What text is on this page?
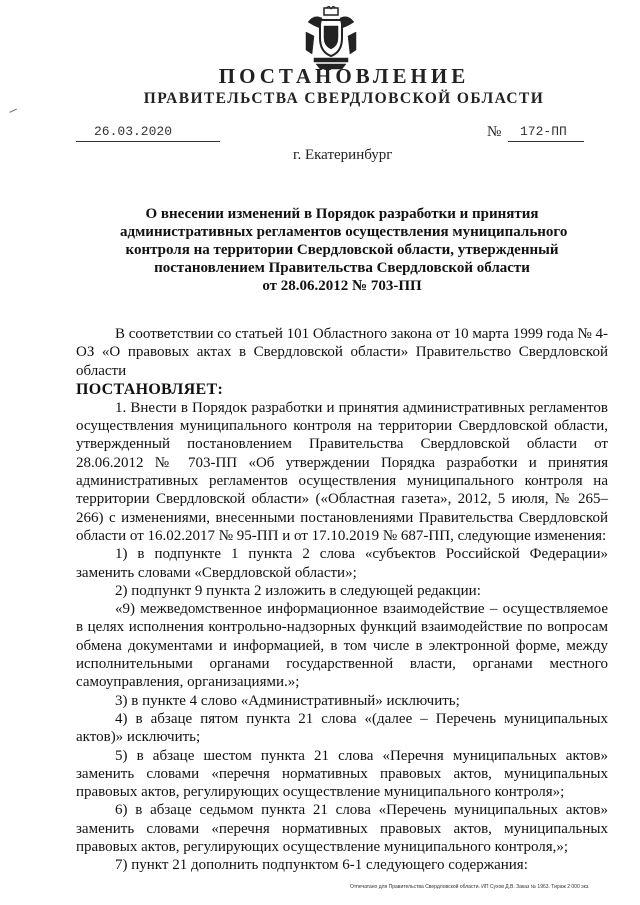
ПОСТАНОВЛЕНИЕ
ПРАВИТЕЛЬСТВА СВЕРДЛОВСКОЙ ОБЛАСТИ
26.03.2020	№ 172-ПП
г. Екатеринбург
О внесении изменений в Порядок разработки и принятия
административных регламентов осуществления муниципального
контроля на территории Свердловской области, утвержденный
постановлением Правительства Свердловской области
от 28.06.2012 № 703-ПП

В соответствии со статьей 101 Областного закона от 10 марта 1999 года № 4-ОЗ «О правовых актах в Свердловской области» Правительство Свердловской области

ПОСТАНОВЛЯЕТ:

1. Внести в Порядок разработки и принятия административных регламентов осуществления муниципального контроля на территории Свердловской области, утвержденный постановлением Правительства Свердловской области от 28.06.2012 № 703-ПП «Об утверждении Порядка разработки и принятия административных регламентов осуществления муниципального контроля на территории Свердловской области» («Областная газета», 2012, 5 июля, № 265–266) с изменениями, внесенными постановлениями Правительства Свердловской области от 16.02.2017 № 95-ПП и от 17.10.2019 № 687-ПП, следующие изменения:

1) в подпункте 1 пункта 2 слова «субъектов Российской Федерации» заменить словами «Свердловской области»;

2) подпункт 9 пункта 2 изложить в следующей редакции:

«9) межведомственное информационное взаимодействие – осуществляемое в целях исполнения контрольно-надзорных функций взаимодействие по вопросам обмена документами и информацией, в том числе в электронной форме, между исполнительными органами государственной власти, органами местного самоуправления, организациями.»;

3) в пункте 4 слово «Административный» исключить;

4) в абзаце пятом пункта 21 слова «(далее – Перечень муниципальных актов)» исключить;

5) в абзаце шестом пункта 21 слова «Перечня муниципальных актов» заменить словами «перечня нормативных правовых актов, муниципальных правовых актов, регулирующих осуществление муниципального контроля»;

6) в абзаце седьмом пункта 21 слова «Перечень муниципальных актов» заменить словами «перечня нормативных правовых актов, муниципальных правовых актов, регулирующих осуществление муниципального контроля,»;

7) пункт 21 дополнить подпунктом 6-1 следующего содержания:

Отпечатано для Правительства Свердловской области. ИП Сухов Д.В. Заказ № 1963. Тираж 2 000 экз.
